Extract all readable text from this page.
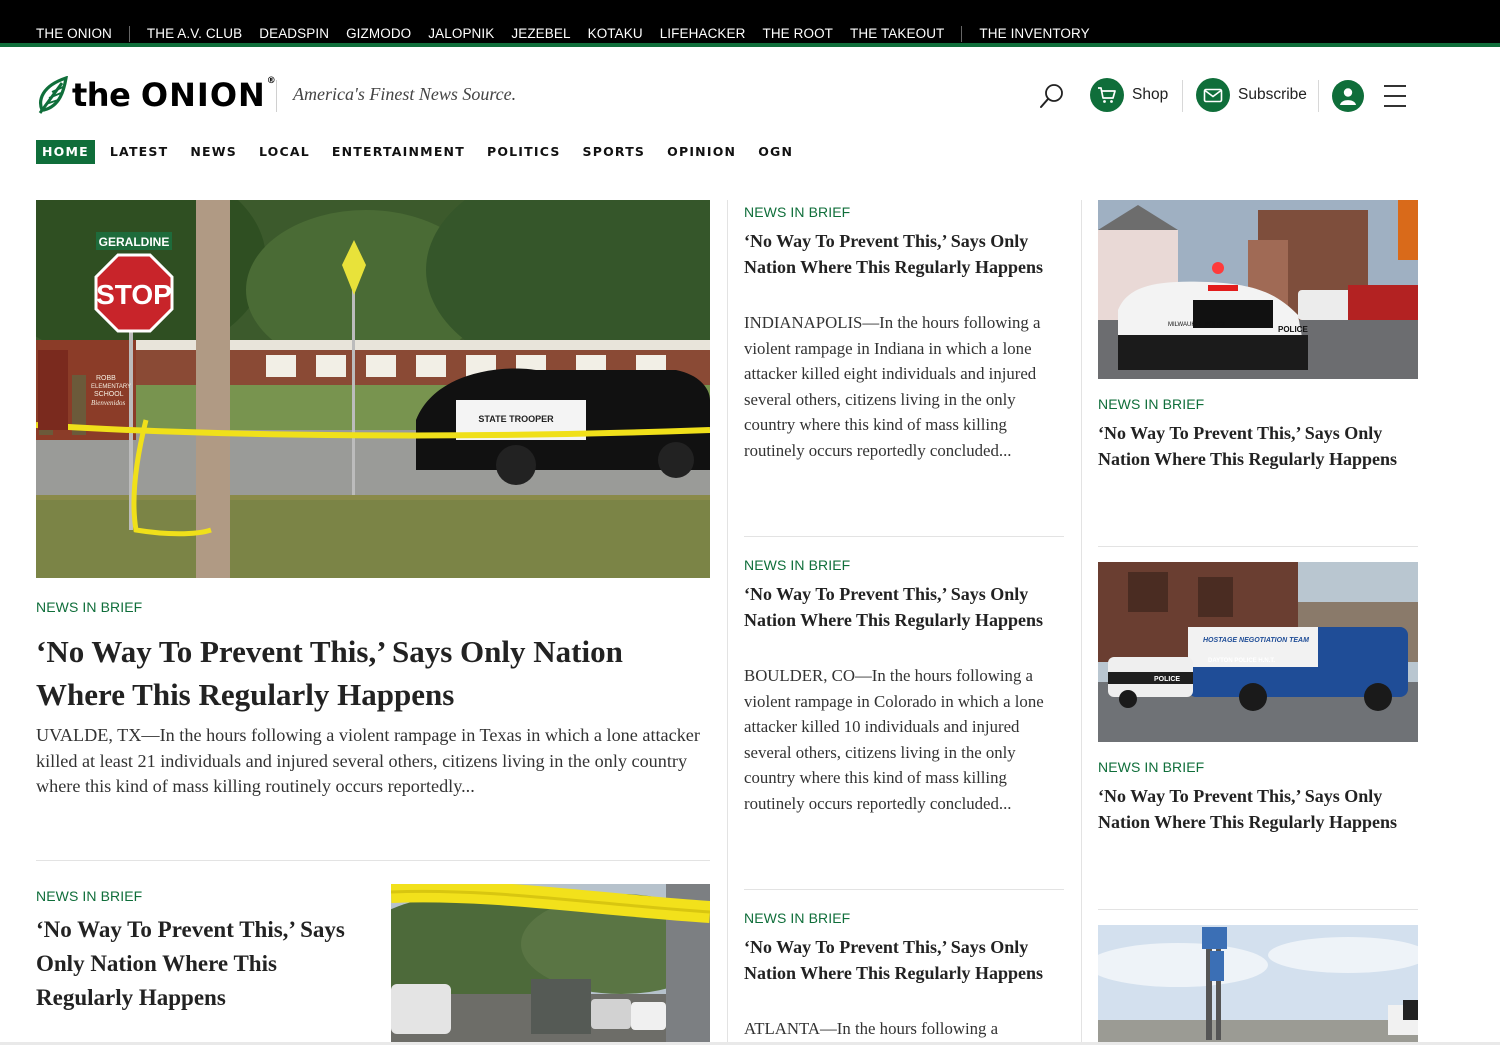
THE ONION	THE A.V. CLUB DEADSPIN GIZMODO JALOPNIK JEZEBEL KOTAKU LIFEHACKER THE ROOT THE TAKEOUT	THE INVENTORY
the ONION®
America's Finest News Source.	Shop	Subscribe
HOME	LATEST NEWS LOCAL ENTERTAINMENT POLITICS SPORTS OPINION OGN
GERALDINE
STOP
STATE TROOPER
ROBB
ELEMENTARY
SCHOOL
Bienvenidos
NEWS IN BRIEF
‘No Way To Prevent This,’ Says Only Nation Where This Regularly Happens
UVALDE, TX—In the hours following a violent rampage in Texas in which a lone attacker killed at least 21 individuals and injured several others, citizens living in the only country where this kind of mass killing routinely occurs reportedly...
NEWS IN BRIEF
‘No Way To Prevent This,’ Says Only Nation Where This Regularly Happens
NEWS IN BRIEF
‘No Way To Prevent This,’ Says Only Nation Where This Regularly Happens
INDIANAPOLIS—In the hours following a violent rampage in Indiana in which a lone attacker killed eight individuals and injured several others, citizens living in the only country where this kind of mass killing routinely occurs reportedly concluded...
NEWS IN BRIEF
‘No Way To Prevent This,’ Says Only Nation Where This Regularly Happens
BOULDER, CO—In the hours following a violent rampage in Colorado in which a lone attacker killed 10 individuals and injured several others, citizens living in the only country where this kind of mass killing routinely occurs reportedly concluded...
NEWS IN BRIEF
‘No Way To Prevent This,’ Says Only Nation Where This Regularly Happens
ATLANTA—In the hours following a
MILWAUKEE POLICE	POLICE
NEWS IN BRIEF
‘No Way To Prevent This,’ Says Only Nation Where This Regularly Happens
HOSTAGE NEGOTIATION TEAM
DAYTON POLICE H.N.T.
POLICE
NEWS IN BRIEF
‘No Way To Prevent This,’ Says Only Nation Where This Regularly Happens
